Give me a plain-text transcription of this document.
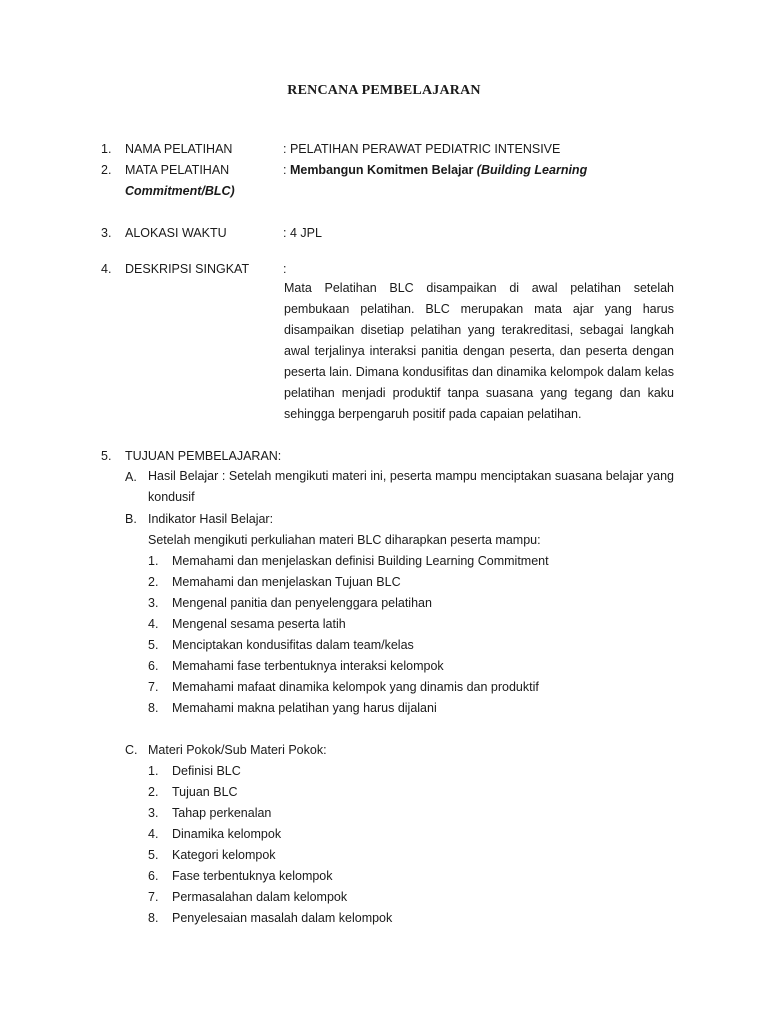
RENCANA PEMBELAJARAN
1. NAMA PELATIHAN	: PELATIHAN PERAWAT PEDIATRIC INTENSIVE
2. MATA PELATIHAN	: Membangun Komitmen Belajar (Building Learning
Commitment/BLC)
3. ALOKASI WAKTU	: 4 JPL
4. DESKRIPSI SINGKAT	:
Mata Pelatihan BLC disampaikan di awal pelatihan setelah pembukaan pelatihan. BLC merupakan mata ajar yang harus disampaikan disetiap pelatihan yang terakreditasi, sebagai langkah awal terjalinya interaksi panitia dengan peserta, dan peserta dengan peserta lain. Dimana kondusifitas dan dinamika kelompok dalam kelas pelatihan menjadi produktif tanpa suasana yang tegang dan kaku sehingga berpengaruh positif pada capaian pelatihan.
5. TUJUAN PEMBELAJARAN:
A. Hasil Belajar : Setelah mengikuti materi ini, peserta mampu menciptakan suasana belajar yang kondusif
B. Indikator Hasil Belajar:
Setelah mengikuti perkuliahan materi BLC diharapkan peserta mampu:
1. Memahami dan menjelaskan definisi Building Learning Commitment
2. Memahami dan menjelaskan Tujuan BLC
3. Mengenal panitia dan penyelenggara pelatihan
4. Mengenal sesama peserta latih
5. Menciptakan kondusifitas dalam team/kelas
6. Memahami fase terbentuknya interaksi kelompok
7. Memahami mafaat dinamika kelompok yang dinamis dan produktif
8. Memahami makna pelatihan yang harus dijalani
C. Materi Pokok/Sub Materi Pokok:
1. Definisi BLC
2. Tujuan BLC
3. Tahap perkenalan
4. Dinamika kelompok
5. Kategori kelompok
6. Fase terbentuknya kelompok
7. Permasalahan dalam kelompok
8. Penyelesaian masalah dalam kelompok
